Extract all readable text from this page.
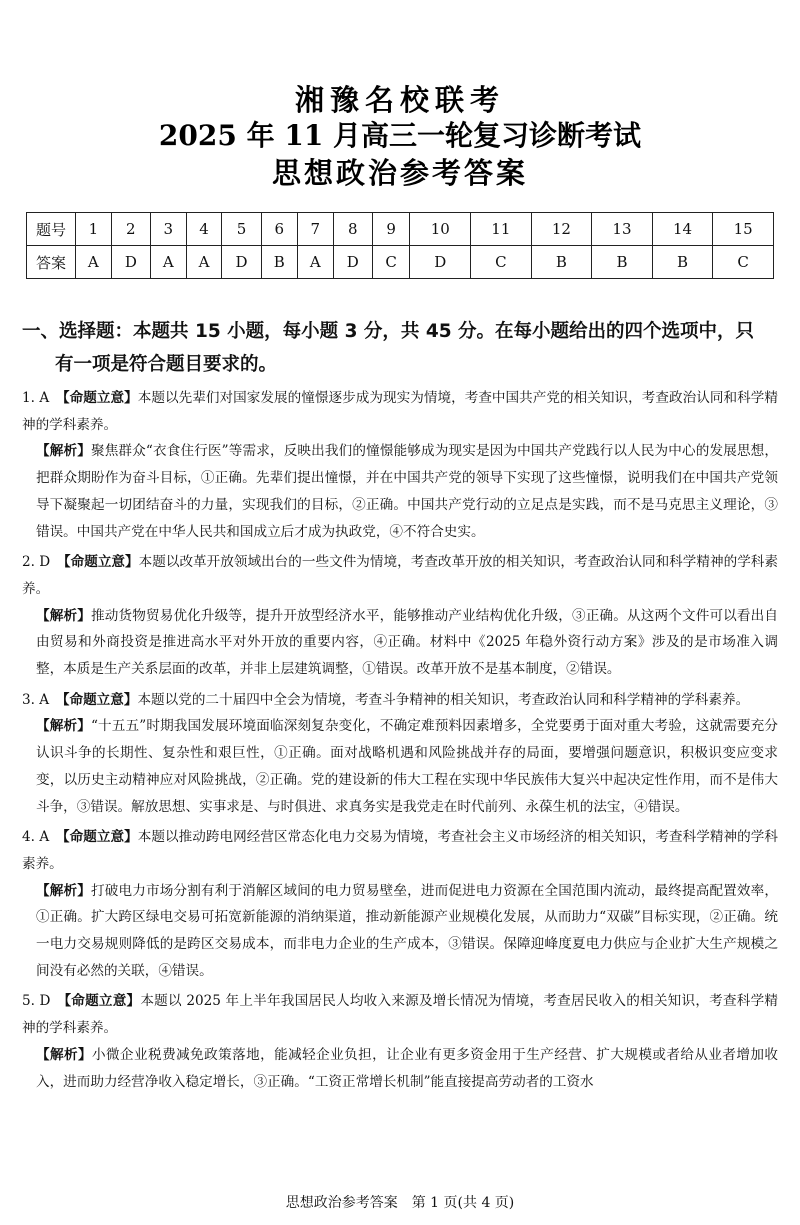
湘豫名校联考
2025 年 11 月高三一轮复习诊断考试
思想政治参考答案
题号	1	2	3	4	5	6	7	8	9	10	11	12	13	14	15
答案	A	D	A	A	D	B	A	D	C	D	C	B	B	B	C
一、选择题：本题共 15 小题，每小题 3 分，共 45 分。在每小题给出的四个选项中，只
有一项是符合题目要求的。
1. A  【命题立意】本题以先辈们对国家发展的憧憬逐步成为现实为情境，考查中国共产党的相关知识，考查政治认同和科学精神的学科素养。
【解析】聚焦群众“衣食住行医”等需求，反映出我们的憧憬能够成为现实是因为中国共产党践行以人民为中心的发展思想，把群众期盼作为奋斗目标，①正确。先辈们提出憧憬，并在中国共产党的领导下实现了这些憧憬，说明我们在中国共产党领导下凝聚起一切团结奋斗的力量，实现我们的目标，②正确。中国共产党行动的立足点是实践，而不是马克思主义理论，③错误。中国共产党在中华人民共和国成立后才成为执政党，④不符合史实。
2. D  【命题立意】本题以改革开放领域出台的一些文件为情境，考查改革开放的相关知识，考查政治认同和科学精神的学科素养。
【解析】推动货物贸易优化升级等，提升开放型经济水平，能够推动产业结构优化升级，③正确。从这两个文件可以看出自由贸易和外商投资是推进高水平对外开放的重要内容，④正确。材料中《2025 年稳外资行动方案》涉及的是市场准入调整，本质是生产关系层面的改革，并非上层建筑调整，①错误。改革开放不是基本制度，②错误。
3. A  【命题立意】本题以党的二十届四中全会为情境，考查斗争精神的相关知识，考查政治认同和科学精神的学科素养。
【解析】“十五五”时期我国发展环境面临深刻复杂变化，不确定难预料因素增多，全党要勇于面对重大考验，这就需要充分认识斗争的长期性、复杂性和艰巨性，①正确。面对战略机遇和风险挑战并存的局面，要增强问题意识，积极识变应变求变，以历史主动精神应对风险挑战，②正确。党的建设新的伟大工程在实现中华民族伟大复兴中起决定性作用，而不是伟大斗争，③错误。解放思想、实事求是、与时俱进、求真务实是我党走在时代前列、永葆生机的法宝，④错误。
4. A  【命题立意】本题以推动跨电网经营区常态化电力交易为情境，考查社会主义市场经济的相关知识，考查科学精神的学科素养。
【解析】打破电力市场分割有利于消解区域间的电力贸易壁垒，进而促进电力资源在全国范围内流动，最终提高配置效率，①正确。扩大跨区绿电交易可拓宽新能源的消纳渠道，推动新能源产业规模化发展，从而助力“双碳”目标实现，②正确。统一电力交易规则降低的是跨区交易成本，而非电力企业的生产成本，③错误。保障迎峰度夏电力供应与企业扩大生产规模之间没有必然的关联，④错误。
5. D  【命题立意】本题以 2025 年上半年我国居民人均收入来源及增长情况为情境，考查居民收入的相关知识，考查科学精神的学科素养。
【解析】小微企业税费减免政策落地，能减轻企业负担，让企业有更多资金用于生产经营、扩大规模或者给从业者增加收入，进而助力经营净收入稳定增长，③正确。“工资正常增长机制”能直接提高劳动者的工资水
思想政治参考答案　第 1 页(共 4 页)
